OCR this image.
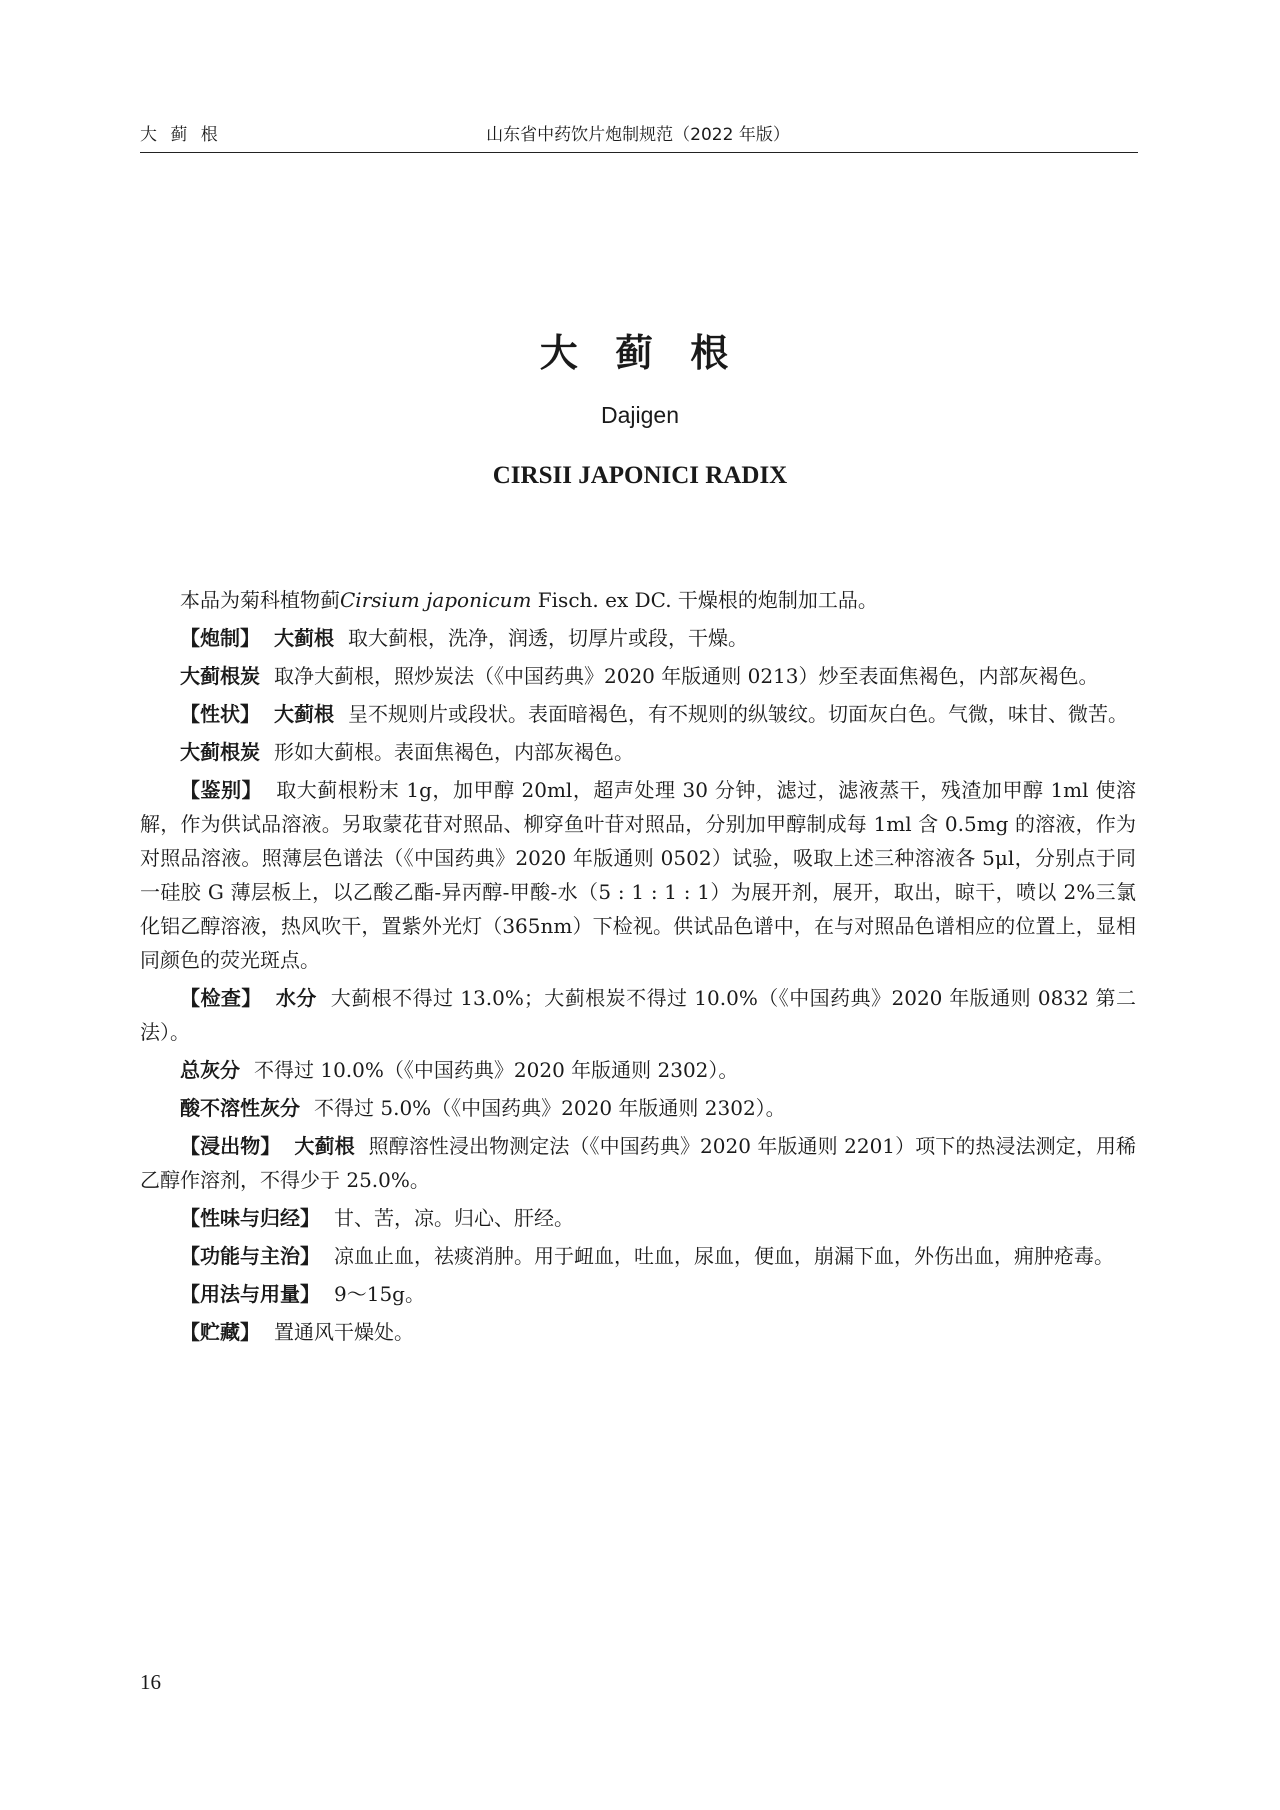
大 蓟 根	山东省中药饮片炮制规范（2022 年版）
大 蓟 根
Dajigen
CIRSII JAPONICI RADIX

本品为菊科植物蓟Cirsium japonicum Fisch. ex DC. 干燥根的炮制加工品。

【炮制】 大蓟根 取大蓟根，洗净，润透，切厚片或段，干燥。

大蓟根炭 取净大蓟根，照炒炭法（《中国药典》2020 年版通则 0213）炒至表面焦褐色，内部灰褐色。

【性状】 大蓟根 呈不规则片或段状。表面暗褐色，有不规则的纵皱纹。切面灰白色。气微，味甘、微苦。

大蓟根炭 形如大蓟根。表面焦褐色，内部灰褐色。

【鉴别】 取大蓟根粉末 1g，加甲醇 20ml，超声处理 30 分钟，滤过，滤液蒸干，残渣加甲醇 1ml 使溶解，作为供试品溶液。另取蒙花苷对照品、柳穿鱼叶苷对照品，分别加甲醇制成每 1ml 含 0.5mg 的溶液，作为对照品溶液。照薄层色谱法（《中国药典》2020 年版通则 0502）试验，吸取上述三种溶液各 5μl，分别点于同一硅胶 G 薄层板上，以乙酸乙酯-异丙醇-甲酸-水（5 : 1 : 1 : 1）为展开剂，展开，取出，晾干，喷以 2%三氯化铝乙醇溶液，热风吹干，置紫外光灯（365nm）下检视。供试品色谱中，在与对照品色谱相应的位置上，显相同颜色的荧光斑点。

【检查】 水分 大蓟根不得过 13.0%；大蓟根炭不得过 10.0%（《中国药典》2020 年版通则 0832 第二法）。

总灰分 不得过 10.0%（《中国药典》2020 年版通则 2302）。

酸不溶性灰分 不得过 5.0%（《中国药典》2020 年版通则 2302）。

【浸出物】 大蓟根 照醇溶性浸出物测定法（《中国药典》2020 年版通则 2201）项下的热浸法测定，用稀乙醇作溶剂，不得少于 25.0%。

【性味与归经】 甘、苦，凉。归心、肝经。

【功能与主治】 凉血止血，祛痰消肿。用于衄血，吐血，尿血，便血，崩漏下血，外伤出血，痈肿疮毒。

【用法与用量】 9～15g。

【贮藏】 置通风干燥处。

16
